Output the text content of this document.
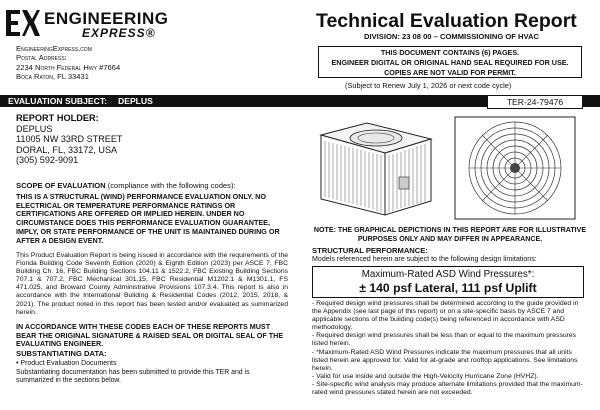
ENGINEERING
EXPRESS®
EngineeringExpress.com
Postal Address:
2234 North Federal Hwy #7664
Boca Raton, FL 33431
Technical Evaluation Report
DIVISION: 23 08 00 – COMMISSIONING OF HVAC
THIS DOCUMENT CONTAINS (6) PAGES.
ENGINEER DIGITAL OR ORIGINAL HAND SEAL REQUIRED FOR USE.
COPIES ARE NOT VALID FOR PERMIT.
(Subject to Renew July 1, 2026 or next code cycle)
EVALUATION SUBJECT: DEPLUS	TER-24-79476
REPORT HOLDER:
DEPLUS
11005 NW 33RD STREET
DORAL, FL, 33172, USA
(305) 592-9091
SCOPE OF EVALUATION (compliance with the following codes):
THIS IS A STRUCTURAL (WIND) PERFORMANCE EVALUATION ONLY. NO ELECTRICAL OR TEMPERATURE PERFORMANCE RATINGS OR CERTIFICATIONS ARE OFFERED OR IMPLIED HEREIN. UNDER NO CIRCUMSTANCE DOES THIS PERFORMANCE EVALUATION GUARANTEE, IMPLY, OR STATE PERFORMANCE OF THE UNIT IS MAINTAINED DURING OR AFTER A DESIGN EVENT.
This Product Evaluation Report is being issued in accordance with the requirements of the Florida Building Code Seventh Edition (2020) & Eighth Edition (2023) per ASCE 7, FBC Building Ch. 16, FBC Building Sections 104.11 & 1522.2, FBC Existing Building Sections 707.1 & 707.2, FBC Mechanical 301.15, FBC Residential M1202.1 & M1301.1, FS 471.025, and Broward County Administrative Provisions 107.3.4. This report is also in accordance with the International Building & Residential Codes (2012, 2015, 2018, & 2021). The product noted in this report has been tested and/or evaluated as summarized herein.
IN ACCORDANCE WITH THESE CODES EACH OF THESE REPORTS MUST BEAR THE ORIGINAL SIGNATURE & RAISED SEAL OR DIGITAL SEAL OF THE EVALUATING ENGINEER.
SUBSTANTIATING DATA:
• Product Evaluation Documents
Substantiating documentation has been submitted to provide this TER and is summarized in the sections below.
NOTE: THE GRAPHICAL DEPICTIONS IN THIS REPORT ARE FOR ILLUSTRATIVE PURPOSES ONLY AND MAY DIFFER IN APPEARANCE.
STRUCTURAL PERFORMANCE:
Models referenced herein are subject to the following design limitations:
Maximum-Rated ASD Wind Pressures*:
± 140 psf Lateral, 111 psf Uplift
- Required design wind pressures shall be determined according to the guide provided in the Appendix (see last page of this report) or on a site-specific basis by ASCE 7 and applicable sections of the building code(s) being referenced in accordance with ASD methodology.
- Required design wind pressures shall be less than or equal to the maximum pressures listed herein.
- *Maximum-Rated ASD Wind Pressures indicate the maximum pressures that all units listed herein are approved for. Valid for at-grade and rooftop applications. See limitations herein.
- Valid for use inside and outside the High-Velocity Hurricane Zone (HVHZ).
- Site-specific wind analysis may produce alternate limitations provided that the maximum-rated wind pressures stated herein are not exceeded.
